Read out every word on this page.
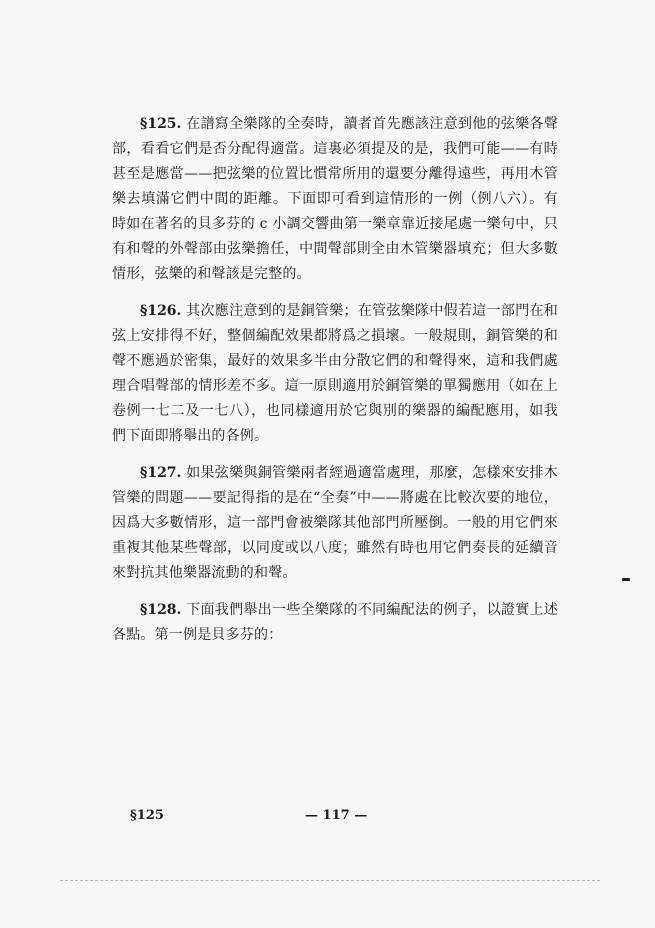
§125. 在譜寫全樂隊的全奏時，讀者首先應該注意到他的弦樂各聲部，看看它們是否分配得適當。這裏必須提及的是，我們可能——有時甚至是應當——把弦樂的位置比慣常所用的還要分離得遠些，再用木管樂去填滿它們中間的距離。下面即可看到這情形的一例（例八六）。有時如在著名的貝多芬的 c 小調交響曲第一樂章靠近接尾處一樂句中，只有和聲的外聲部由弦樂擔任，中間聲部則全由木管樂器填充；但大多數情形，弦樂的和聲該是完整的。

§126. 其次應注意到的是銅管樂；在管弦樂隊中假若這一部門在和弦上安排得不好，整個編配效果都將爲之損壞。一般規則，銅管樂的和聲不應過於密集，最好的效果多半由分散它們的和聲得來，這和我們處理合唱聲部的情形差不多。這一原則適用於銅管樂的單獨應用（如在上卷例一七二及一七八），也同樣適用於它與別的樂器的編配應用，如我們下面即將舉出的各例。

§127. 如果弦樂與銅管樂兩者經過適當處理，那麼，怎樣來安排木管樂的問題——要記得指的是在“全奏”中——將處在比較次要的地位，因爲大多數情形，這一部門會被樂隊其他部門所壓倒。一般的用它們來重複其他某些聲部，以同度或以八度；雖然有時也用它們奏長的延續音來對抗其他樂器流動的和聲。

§128. 下面我們舉出一些全樂隊的不同編配法的例子，以證實上述各點。第一例是貝多芬的：

§125	— 117 —
